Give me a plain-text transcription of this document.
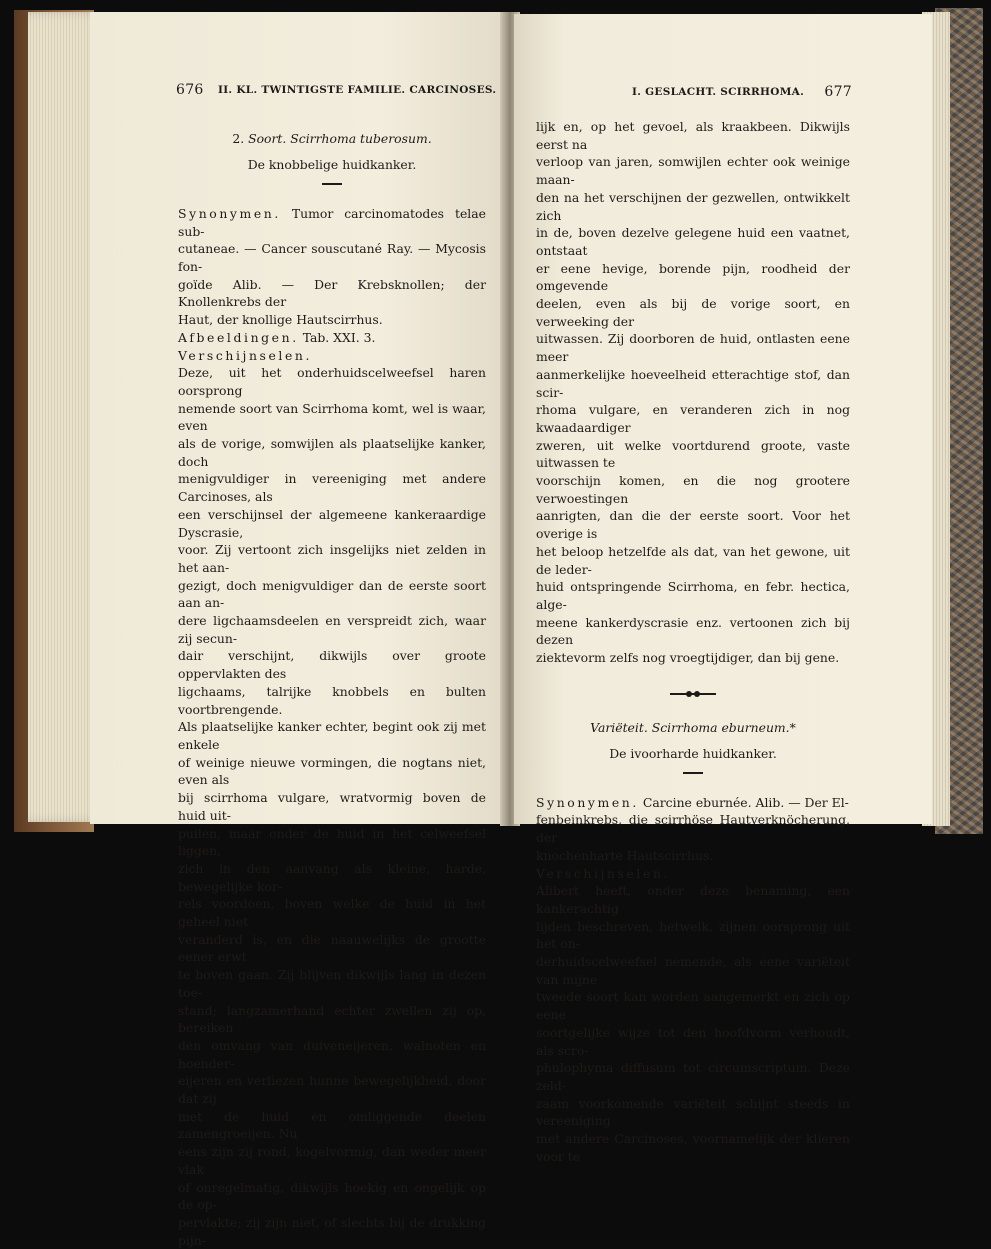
676 II. KL. TWINTIGSTE FAMILIE. CARCINOSES.
2. Soort. Scirrhoma tuberosum.
De knobbelige huidkanker.
Synonymen. Tumor carcinomatodes telae sub-
cutaneae. — Cancer souscutané Ray. — Mycosis fon-
goïde Alib. — Der Krebsknollen; der Knollenkrebs der
Haut, der knollige Hautscirrhus.
Afbeeldingen. Tab. XXI. 3.
Verschijnselen.
Deze, uit het onderhuidscelweefsel haren oorsprong
nemende soort van Scirrhoma komt, wel is waar, even
als de vorige, somwijlen als plaatselijke kanker, doch
menigvuldiger in vereeniging met andere Carcinoses, als
een verschijnsel der algemeene kankeraardige Dyscrasie,
voor. Zij vertoont zich insgelijks niet zelden in het aan-
gezigt, doch menigvuldiger dan de eerste soort aan an-
dere ligchaamsdeelen en verspreidt zich, waar zij secun-
dair verschijnt, dikwijls over groote oppervlakten des
ligchaams, talrijke knobbels en bulten voortbrengende.
Als plaatselijke kanker echter, begint ook zij met enkele
of weinige nieuwe vormingen, die nogtans niet, even als
bij scirrhoma vulgare, wratvormig boven de huid uit-
puilen, maar onder de huid in het celweefsel liggen,
zich in den aanvang als kleine, harde, bewegelijke kor-
rels voordoen, boven welke de huid in het geheel niet
veranderd is, en die naauwelijks de grootte eener erwt
te boven gaan. Zij blijven dikwijls lang in dezen toe-
stand; langzamerhand echter zwellen zij op, bereiken
den omvang van duiveneijeren, walnoten en hoender-
eijeren en verliezen hunne bewegelijkheid, door dat zij
met de huid en omliggende deelen zamengroeijen. Nu
eens zijn zij rond, kogelvormig, dan weder meer vlak
of onregelmatig, dikwijls hoekig en ongelijk op de op-
pervlakte; zij zijn niet, of slechts bij de drukking pijn-
I. GESLACHT. SCIRRHOMA. 677
lijk en, op het gevoel, als kraakbeen. Dikwijls eerst na
verloop van jaren, somwijlen echter ook weinige maan-
den na het verschijnen der gezwellen, ontwikkelt zich
in de, boven dezelve gelegene huid een vaatnet, ontstaat
er eene hevige, borende pijn, roodheid der omgevende
deelen, even als bij de vorige soort, en verweeking der
uitwassen. Zij doorboren de huid, ontlasten eene meer
aanmerkelijke hoeveelheid etterachtige stof, dan scir-
rhoma vulgare, en veranderen zich in nog kwaadaardiger
zweren, uit welke voortdurend groote, vaste uitwassen te
voorschijn komen, en die nog grootere verwoestingen
aanrigten, dan die der eerste soort. Voor het overige is
het beloop hetzelfde als dat, van het gewone, uit de leder-
huid ontspringende Scirrhoma, en febr. hectica, alge-
meene kankerdyscrasie enz. vertoonen zich bij dezen
ziektevorm zelfs nog vroegtijdiger, dan bij gene.
Variëteit. Scirrhoma eburneum.*
De ivoorharde huidkanker.
Synonymen. Carcine eburnée. Alib. — Der El-
fenbeinkrebs, die scirrhöse Hautverknöcherung, der
knochenharte Hautscirrhus.
Verschijnselen.
Alibert heeft, onder deze benaming, een kankerachtig
lijden beschreven, hetwelk, zijnen oorsprong uit het on-
derhuidscelweefsel nemende, als eene variëteit van mijne
tweede soort kan worden aangemerkt en zich op eene
soortgelijke wijze tot den hoofdvorm verhoudt, als scro-
phulophyma diffusum tot circumscriptum. Deze zeld-
zaam voorkomende variëteit schijnt steeds in vereeniging
met andere Carcinoses, voornamelijk der klieren voor te
